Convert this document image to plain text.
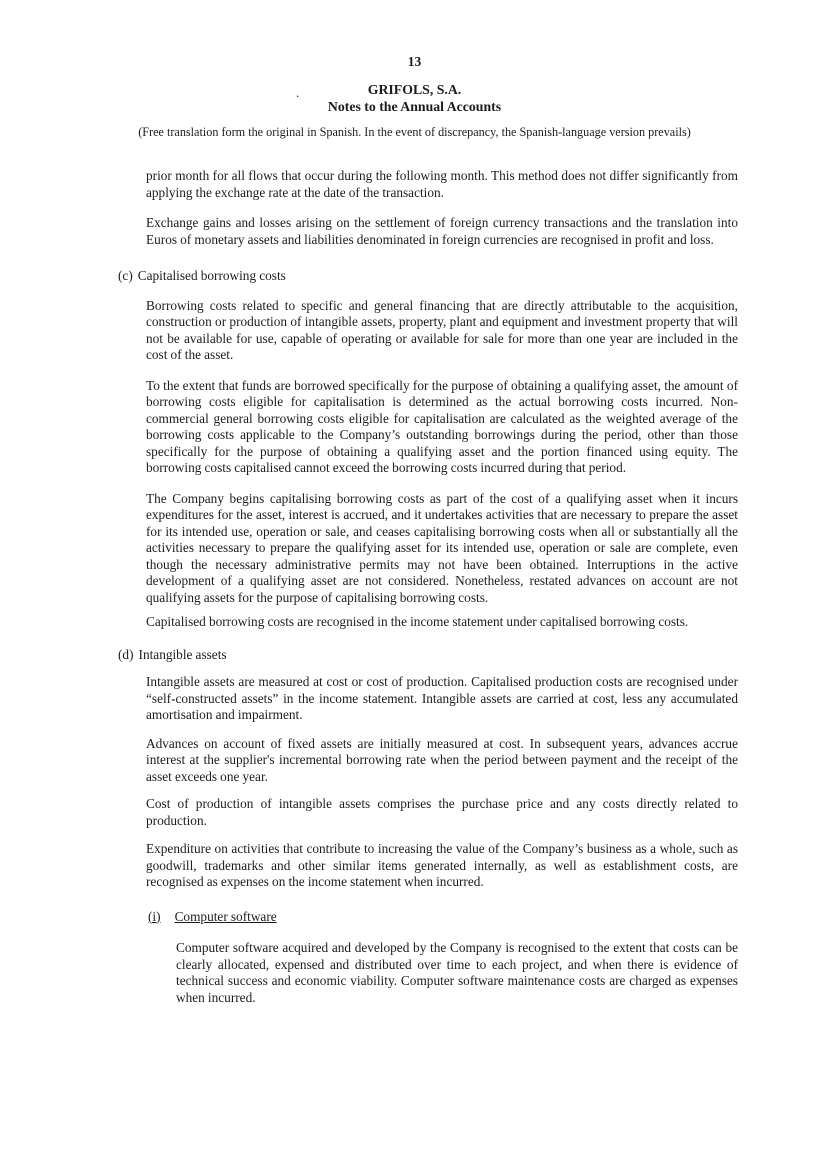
.
13
GRIFOLS, S.A.
Notes to the Annual Accounts
(Free translation form the original in Spanish. In the event of discrepancy, the Spanish-language version prevails)

prior month for all flows that occur during the following month. This method does not differ significantly from applying the exchange rate at the date of the transaction.

Exchange gains and losses arising on the settlement of foreign currency transactions and the translation into Euros of monetary assets and liabilities denominated in foreign currencies are recognised in profit and loss.

(c) Capitalised borrowing costs

Borrowing costs related to specific and general financing that are directly attributable to the acquisition, construction or production of intangible assets, property, plant and equipment and investment property that will not be available for use, capable of operating or available for sale for more than one year are included in the cost of the asset.

To the extent that funds are borrowed specifically for the purpose of obtaining a qualifying asset, the amount of borrowing costs eligible for capitalisation is determined as the actual borrowing costs incurred. Non-commercial general borrowing costs eligible for capitalisation are calculated as the weighted average of the borrowing costs applicable to the Company’s outstanding borrowings during the period, other than those specifically for the purpose of obtaining a qualifying asset and the portion financed using equity. The borrowing costs capitalised cannot exceed the borrowing costs incurred during that period.

The Company begins capitalising borrowing costs as part of the cost of a qualifying asset when it incurs expenditures for the asset, interest is accrued, and it undertakes activities that are necessary to prepare the asset for its intended use, operation or sale, and ceases capitalising borrowing costs when all or substantially all the activities necessary to prepare the qualifying asset for its intended use, operation or sale are complete, even though the necessary administrative permits may not have been obtained. Interruptions in the active development of a qualifying asset are not considered. Nonetheless, restated advances on account are not qualifying assets for the purpose of capitalising borrowing costs.

Capitalised borrowing costs are recognised in the income statement under capitalised borrowing costs.

(d) Intangible assets

Intangible assets are measured at cost or cost of production. Capitalised production costs are recognised under “self-constructed assets” in the income statement. Intangible assets are carried at cost, less any accumulated amortisation and impairment.

Advances on account of fixed assets are initially measured at cost. In subsequent years, advances accrue interest at the supplier's incremental borrowing rate when the period between payment and the receipt of the asset exceeds one year.

Cost of production of intangible assets comprises the purchase price and any costs directly related to production.

Expenditure on activities that contribute to increasing the value of the Company’s business as a whole, such as goodwill, trademarks and other similar items generated internally, as well as establishment costs, are recognised as expenses on the income statement when incurred.

(i) Computer software

Computer software acquired and developed by the Company is recognised to the extent that costs can be clearly allocated, expensed and distributed over time to each project, and when there is evidence of technical success and economic viability. Computer software maintenance costs are charged as expenses when incurred.
